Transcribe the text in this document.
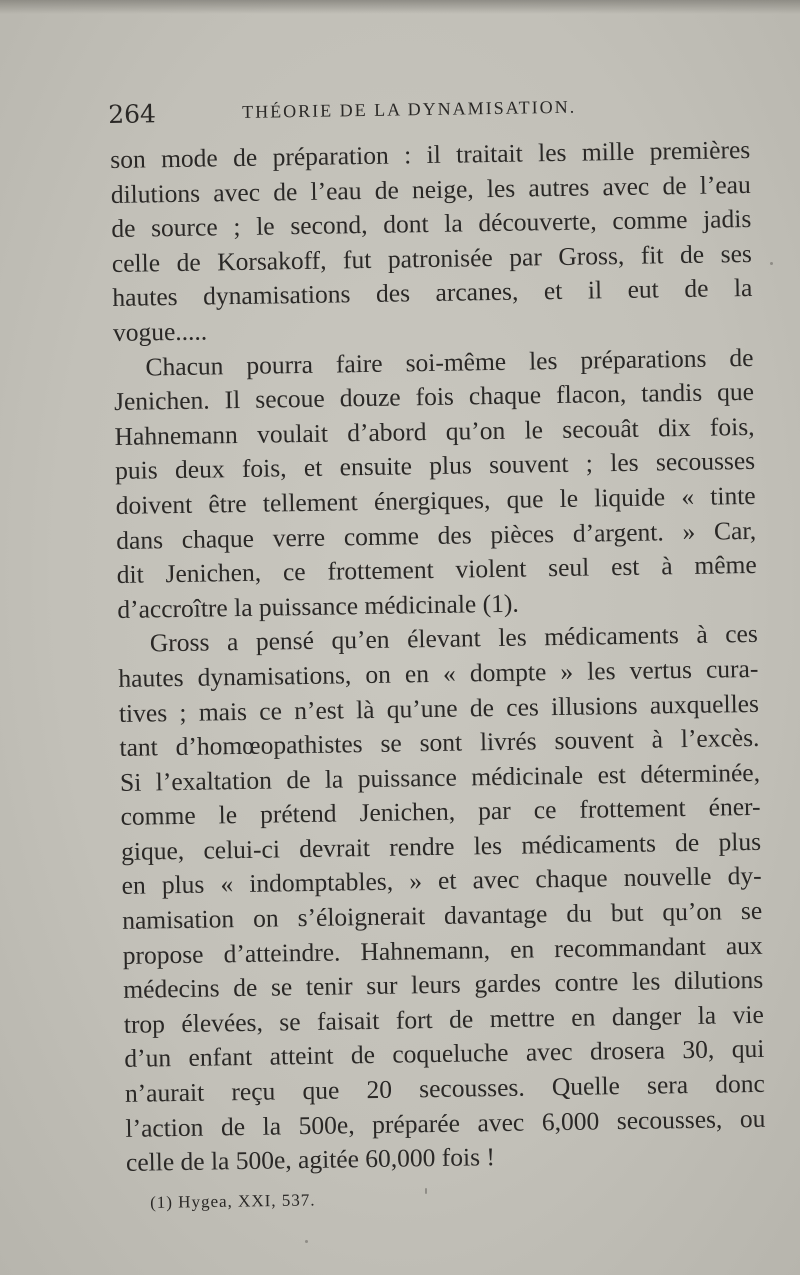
264	THÉORIE DE LA DYNAMISATION.
son mode de préparation : il traitait les mille premières
dilutions avec de l’eau de neige, les autres avec de l’eau
de source ; le second, dont la découverte, comme jadis
celle de Korsakoff, fut patronisée par Gross, fit de ses
hautes dynamisations des arcanes, et il eut de la
vogue.....
Chacun pourra faire soi-même les préparations de
Jenichen. Il secoue douze fois chaque flacon, tandis que
Hahnemann voulait d’abord qu’on le secouât dix fois,
puis deux fois, et ensuite plus souvent ; les secousses
doivent être tellement énergiques, que le liquide « tinte
dans chaque verre comme des pièces d’argent. » Car,
dit Jenichen, ce frottement violent seul est à même
d’accroître la puissance médicinale (1).
Gross a pensé qu’en élevant les médicaments à ces
hautes dynamisations, on en « dompte » les vertus cura-
tives ; mais ce n’est là qu’une de ces illusions auxquelles
tant d’homœopathistes se sont livrés souvent à l’excès.
Si l’exaltation de la puissance médicinale est déterminée,
comme le prétend Jenichen, par ce frottement éner-
gique, celui-ci devrait rendre les médicaments de plus
en plus « indomptables, » et avec chaque nouvelle dy-
namisation on s’éloignerait davantage du but qu’on se
propose d’atteindre. Hahnemann, en recommandant aux
médecins de se tenir sur leurs gardes contre les dilutions
trop élevées, se faisait fort de mettre en danger la vie
d’un enfant atteint de coqueluche avec drosera 30, qui
n’aurait reçu que 20 secousses. Quelle sera donc
l’action de la 500e, préparée avec 6,000 secousses, ou
celle de la 500e, agitée 60,000 fois !
(1) Hygea, XXI, 537.
